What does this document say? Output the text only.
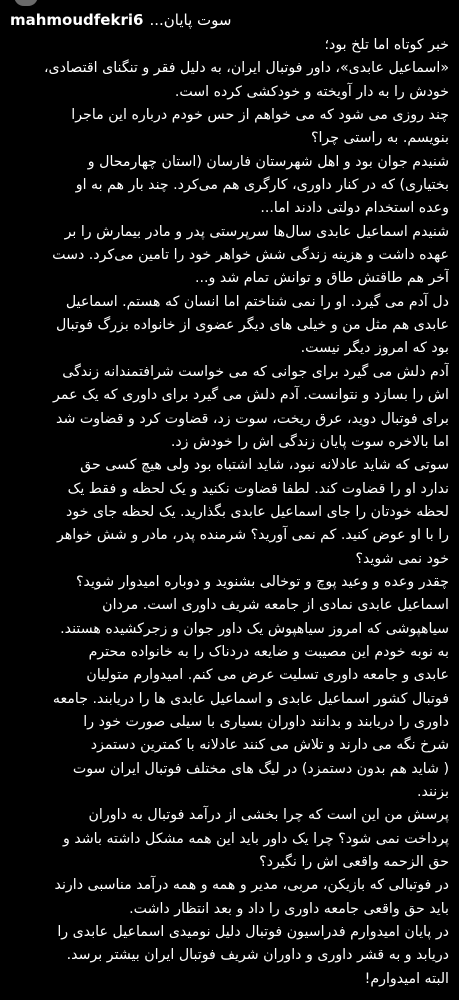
mahmoudfekri6 سوت پایان...
خبر کوتاه اما تلخ بود؛
«اسماعیل عابدی»، داور فوتبال ایران، به دلیل فقر و تنگنای اقتصادی،
خودش را به دار آویخته و خودکشی کرده است.
چند روزی می شود که می خواهم از حس خودم درباره این ماجرا
بنویسم. به راستی چرا؟
شنیدم جوان بود و اهل شهرستان فارسان (استان چهارمحال و
بختیاری) که در کنار داوری، کارگری هم می‌کرد. چند بار هم به او
وعده استخدام دولتی دادند اما...
شنیدم اسماعیل عابدی سال‌ها سرپرستی پدر و مادر بیمارش را بر
عهده داشت و هزینه زندگی شش خواهر خود را تامین می‌کرد. دست
آخر هم طاقتش طاق و توانش تمام شد و...
دل آدم می گیرد. او را نمی شناختم اما انسان که هستم. اسماعیل
عابدی هم مثل من و خیلی های دیگر عضوی از خانواده بزرگ فوتبال
بود که امروز دیگر نیست.
آدم دلش می گیرد برای جوانی که می خواست شرافتمندانه زندگی
اش را بسازد و نتوانست. آدم دلش می گیرد برای داوری که یک عمر
برای فوتبال دوید، عرق ریخت، سوت زد، قضاوت کرد و قضاوت شد
اما بالاخره سوت پایان زندگی اش را خودش زد.
سوتی که شاید عادلانه نبود، شاید اشتباه بود ولی هیچ کسی حق
ندارد او را قضاوت کند. لطفا قضاوت نکنید و یک لحظه و فقط یک
لحظه خودتان را جای اسماعیل عابدی بگذارید. یک لحظه جای خود
را با او عوض کنید. کم نمی آورید؟ شرمنده پدر، مادر و شش خواهر
خود نمی شوید؟
چقدر وعده و وعید پوچ و توخالی بشنوید و دوباره امیدوار شوید؟
اسماعیل عابدی نمادی از جامعه شریف داوری است. مردان
سیاهپوشی که امروز سیاهپوش یک داور جوان و زجرکشیده هستند.
به نوبه خودم این مصیبت و ضایعه دردناک را به خانواده محترم
عابدی و جامعه داوری تسلیت عرض می کنم. امیدوارم متولیان
فوتبال کشور اسماعیل عابدی و اسماعیل عابدی ها را دریابند. جامعه
داوری را دریابند و بدانند داوران بسیاری با سیلی صورت خود را
شرخ نگه می دارند و تلاش می کنند عادلانه با کمترین دستمزد
( شاید هم بدون دستمزد) در لیگ های مختلف فوتبال ایران سوت
بزنند.
پرسش من این است که چرا بخشی از درآمد فوتبال به داوران
پرداخت نمی شود؟ چرا یک داور باید این همه مشکل داشته باشد و
حق الزحمه واقعی اش را نگیرد؟
در فوتبالی که بازیکن، مربی، مدیر و همه و همه درآمد مناسبی دارند
باید حق واقعی جامعه داوری را داد و بعد انتظار داشت.
در پایان امیدوارم فدراسیون فوتبال دلیل نومیدی اسماعیل عابدی را
دریابد و به قشر داوری و داوران شریف فوتبال ایران بیشتر برسد.
البته امیدوارم!
